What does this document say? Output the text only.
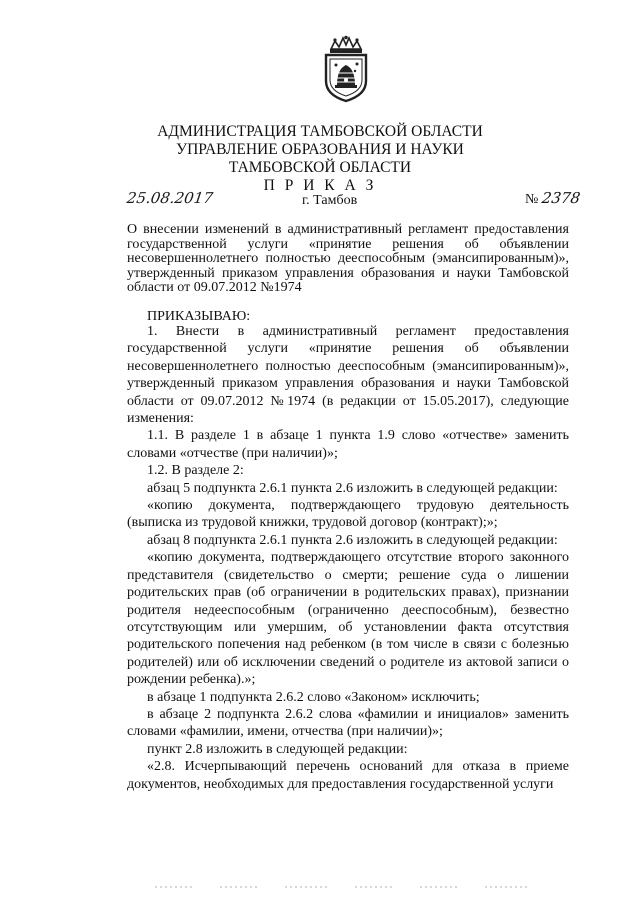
АДМИНИСТРАЦИЯ ТАМБОВСКОЙ ОБЛАСТИ
УПРАВЛЕНИЕ ОБРАЗОВАНИЯ И НАУКИ
ТАМБОВСКОЙ ОБЛАСТИ
П Р И К А З
25.08.2017	г. Тамбов	№ 2378
О внесении изменений в административный регламент предоставления государственной услуги «принятие решения об объявлении несовершеннолетнего полностью дееспособным (эмансипированным)», утвержденный приказом управления образования и науки Тамбовской области от 09.07.2012 №1974
ПРИКАЗЫВАЮ:

1. Внести в административный регламент предоставления государственной услуги «принятие решения об объявлении несовершеннолетнего полностью дееспособным (эмансипированным)», утвержденный приказом управления образования и науки Тамбовской области от 09.07.2012 №1974 (в редакции от 15.05.2017), следующие изменения:

1.1. В разделе 1 в абзаце 1 пункта 1.9 слово «отчестве» заменить словами «отчестве (при наличии)»;

1.2. В разделе 2:

абзац 5 подпункта 2.6.1 пункта 2.6 изложить в следующей редакции:

«копию документа, подтверждающего трудовую деятельность (выписка из трудовой книжки, трудовой договор (контракт);»;

абзац 8 подпункта 2.6.1 пункта 2.6 изложить в следующей редакции:

«копию документа, подтверждающего отсутствие второго законного представителя (свидетельство о смерти; решение суда о лишении родительских прав (об ограничении в родительских правах), признании родителя недееспособным (ограниченно дееспособным), безвестно отсутствующим или умершим, об установлении факта отсутствия родительского попечения над ребенком (в том числе в связи с болезнью родителей) или об исключении сведений о родителе из актовой записи о рождении ребенка).»;

в абзаце 1 подпункта 2.6.2 слово «Законом» исключить;

в абзаце 2 подпункта 2.6.2 слова «фамилии и инициалов» заменить словами «фамилии, имени, отчества (при наличии)»;

пункт 2.8 изложить в следующей редакции:

«2.8. Исчерпывающий перечень оснований для отказа в приеме документов, необходимых для предоставления государственной услуги
